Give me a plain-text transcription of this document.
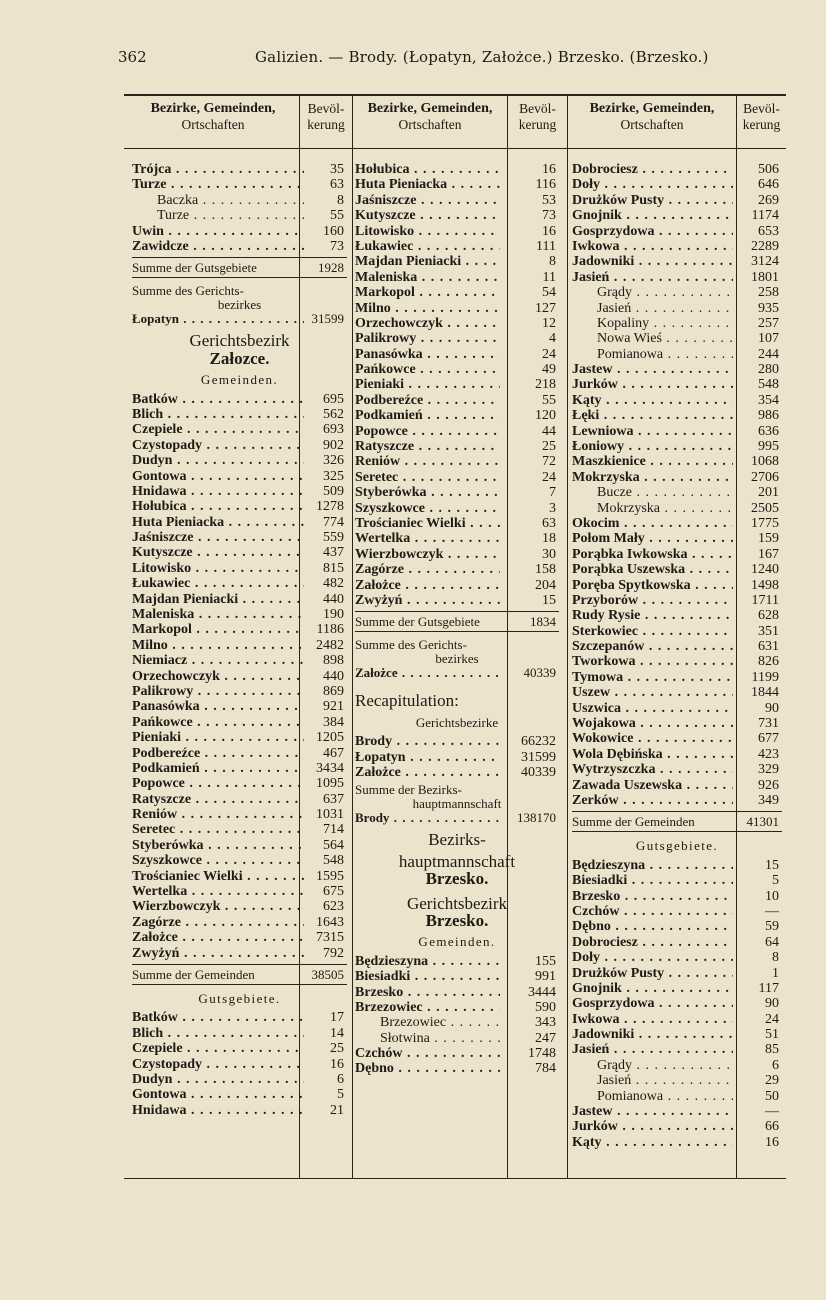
362	Galizien. — Brody. (Łopatyn, Założce.) Brzesko. (Brzesko.)
Bezirke, Gemeinden,
Ortschaften
Bevöl-
kerung
Bezirke, Gemeinden,
Ortschaften
Bevöl-
kerung
Bezirke, Gemeinden,
Ortschaften
Bevöl-
kerung
Trójca . . .	35
Turze . . .	63
Baczka . . .	8
Turze . . .	55
Uwin . . .	160
Zawidcze . . .	73
Summe der Gutsgebiete	1928
Summe des Gerichts-
bezirkes
Łopatyn . . .	31599
Gerichtsbezirk
Załozce.
Gemeinden.
Batków . . .	695
Blich . . .	562
Czepiele . . .	693
Czystopady . . .	902
Dudyn . . .	326
Gontowa . . .	325
Hnidawa . . .	509
Hołubica . . .	1278
Huta Pieniacka . . .	774
Jaśniszcze . . .	559
Kutyszcze . . .	437
Litowisko . . .	815
Łukawiec . . .	482
Majdan Pieniacki . . .	440
Maleniska . . .	190
Markopol . . .	1186
Milno . . .	2482
Niemiacz . . .	898
Orzechowczyk . . .	440
Palikrowy . . .	869
Panasówka . . .	921
Pańkowce . . .	384
Pieniaki . . .	1205
Podbereźce . . .	467
Podkamień . . .	3434
Popowce . . .	1095
Ratyszcze . . .	637
Reniów . . .	1031
Seretec . . .	714
Styberówka . . .	564
Szyszkowce . . .	548
Trościaniec Wielki . . .	1595
Wertelka . . .	675
Wierzbowczyk . . .	623
Zagórze . . .	1643
Założce . . .	7315
Zwyżyń . . .	792
Summe der Gemeinden	38505
Gutsgebiete.
Batków . . .	17
Blich . . .	14
Czepiele . . .	25
Czystopady . . .	16
Dudyn . . .	6
Gontowa . . .	5
Hnidawa . . .	21
Hołubica . . .	16
Huta Pieniacka . . .	116
Jaśniszcze . . .	53
Kutyszcze . . .	73
Litowisko . . .	16
Łukawiec . . .	111
Majdan Pieniacki . . .	8
Maleniska . . .	11
Markopol . . .	54
Milno . . .	127
Orzechowczyk . . .	12
Palikrowy . . .	4
Panasówka . . .	24
Pańkowce . . .	49
Pieniaki . . .	218
Podbereźce . . .	55
Podkamień . . .	120
Popowce . . .	44
Ratyszcze . . .	25
Reniów . . .	72
Seretec . . .	24
Styberówka . . .	7
Szyszkowce . . .	3
Trościaniec Wielki . . .	63
Wertelka . . .	18
Wierzbowczyk . . .	30
Zagórze . . .	158
Założce . . .	204
Zwyżyń . . .	15
Summe der Gutsgebiete	1834
Summe des Gerichts-
bezirkes
Założce . . .	40339
Recapitulation:
Gerichtsbezirke
Brody . . .	66232
Łopatyn . . .	31599
Założce . . .	40339
Summe der Bezirks-
hauptmannschaft
Brody . . .	138170
Bezirks-
hauptmannschaft
Brzesko.
Gerichtsbezirk
Brzesko.
Gemeinden.
Będzieszyna . . .	155
Biesiadki . . .	991
Brzesko . . .	3444
Brzezowiec . . .	590
Brzezowiec . . .	343
Słotwina . . .	247
Czchów . . .	1748
Dębno . . .	784
Dobrociesz . . .	506
Doły . . .	646
Drużków Pusty . . .	269
Gnojnik . . .	1174
Gosprzydowa . . .	653
Iwkowa . . .	2289
Jadowniki . . .	3124
Jasień . . .	1801
Grądy . . .	258
Jasień . . .	935
Kopaliny . . .	257
Nowa Wieś . . .	107
Pomianowa . . .	244
Jastew . . .	280
Jurków . . .	548
Kąty . . .	354
Łęki . . .	986
Lewniowa . . .	636
Łoniowy . . .	995
Maszkienice . . .	1068
Mokrzyska . . .	2706
Bucze . . .	201
Mokrzyska . . .	2505
Okocim . . .	1775
Połom Mały . . .	159
Porąbka Iwkowska . . .	167
Porąbka Uszewska . . .	1240
Poręba Spytkowska . . .	1498
Przyborów . . .	1711
Rudy Rysie . . .	628
Sterkowiec . . .	351
Szczepanów . . .	631
Tworkowa . . .	826
Tymowa . . .	1199
Uszew . . .	1844
Uszwica . . .	90
Wojakowa . . .	731
Wokowice . . .	677
Wola Dębińska . . .	423
Wytrzyszczka . . .	329
Zawada Uszewska . . .	926
Zerków . . .	349
Summe der Gemeinden	41301
Gutsgebiete.
Będzieszyna . . .	15
Biesiadki . . .	5
Brzesko . . .	10
Czchów . . .	—
Dębno . . .	59
Dobrociesz . . .	64
Doły . . .	8
Drużków Pusty . . .	1
Gnojnik . . .	117
Gosprzydowa . . .	90
Iwkowa . . .	24
Jadowniki . . .	51
Jasień . . .	85
Grądy . . .	6
Jasień . . .	29
Pomianowa . . .	50
Jastew . . .	—
Jurków . . .	66
Kąty . . .	16
